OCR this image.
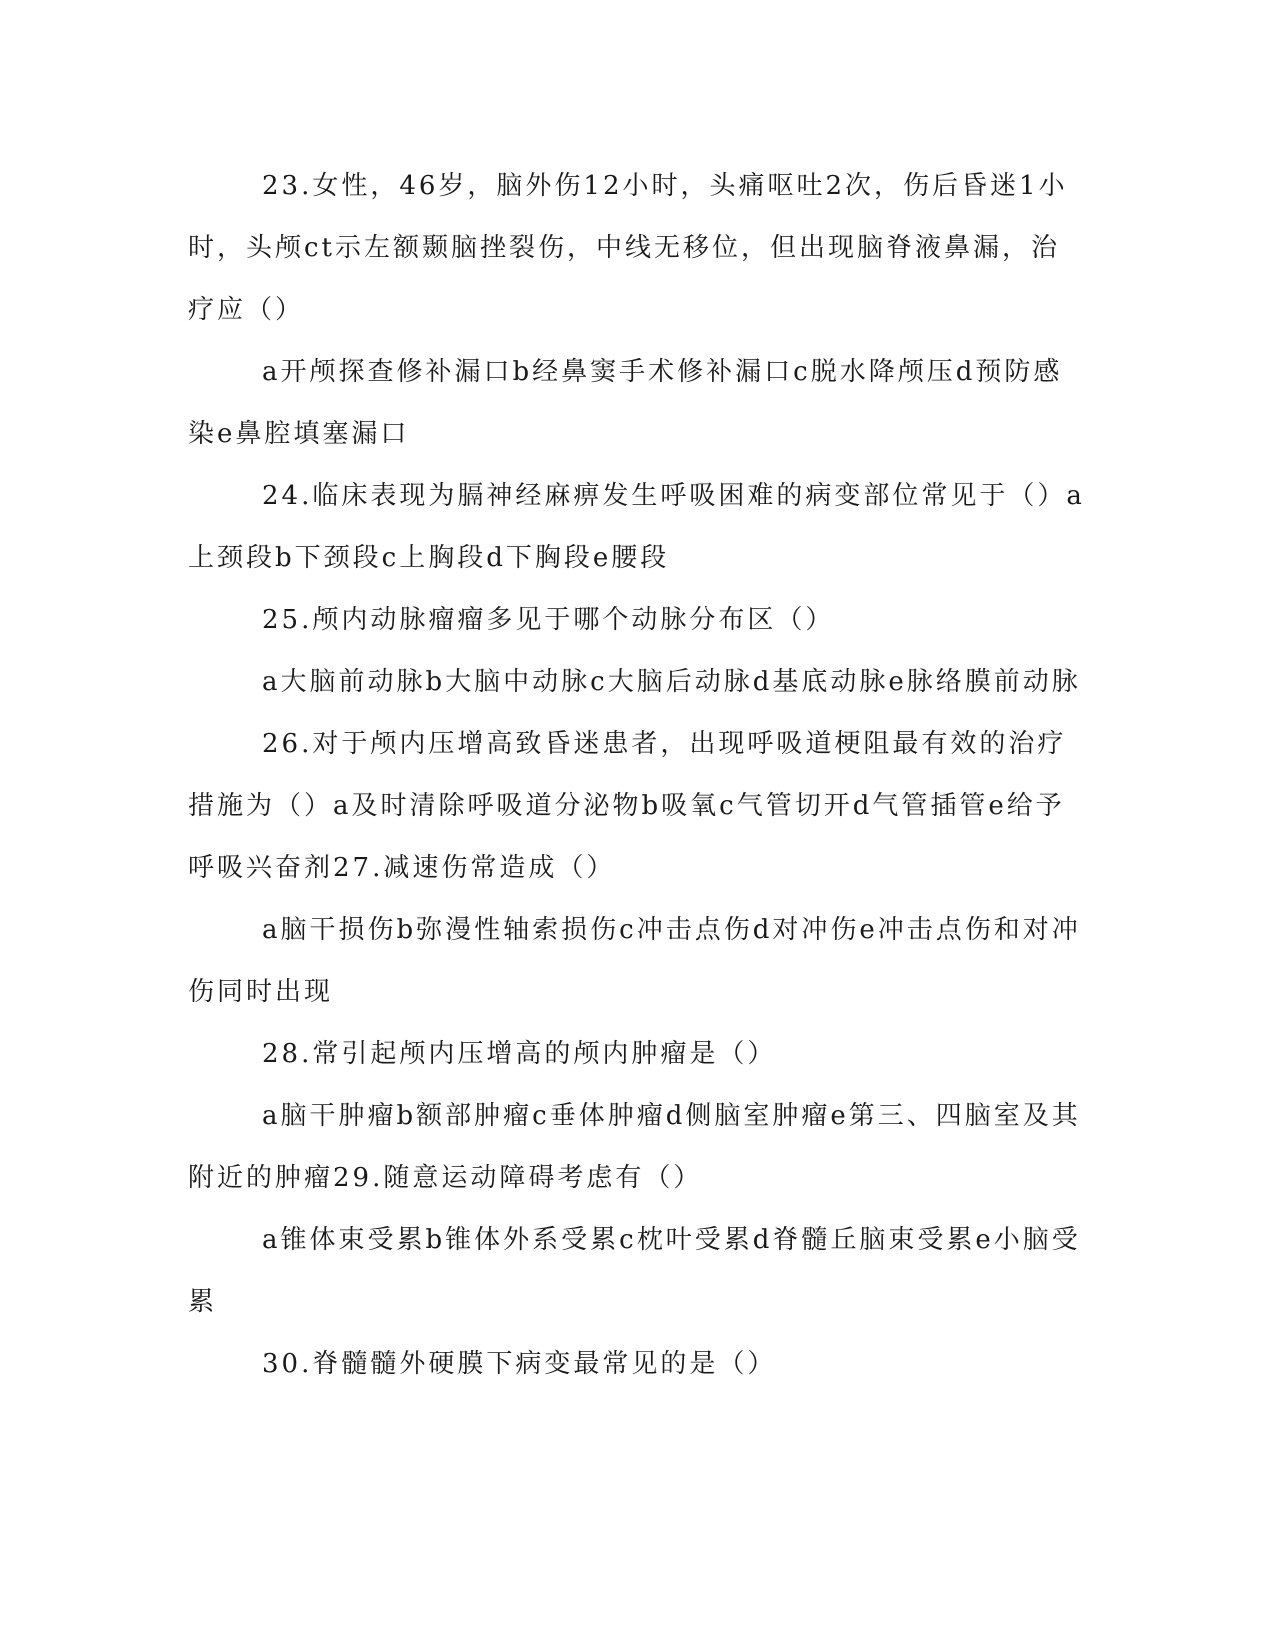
23.女性，46岁，脑外伤12小时，头痛呕吐2次，伤后昏迷1小时，头颅ct示左额颞脑挫裂伤，中线无移位，但出现脑脊液鼻漏，治疗应（）

a开颅探查修补漏口b经鼻窦手术修补漏口c脱水降颅压d预防感染e鼻腔填塞漏口

24.临床表现为膈神经麻痹发生呼吸困难的病变部位常见于（）a上颈段b下颈段c上胸段d下胸段e腰段

25.颅内动脉瘤瘤多见于哪个动脉分布区（）

a大脑前动脉b大脑中动脉c大脑后动脉d基底动脉e脉络膜前动脉

26.对于颅内压增高致昏迷患者，出现呼吸道梗阻最有效的治疗措施为（）a及时清除呼吸道分泌物b吸氧c气管切开d气管插管e给予呼吸兴奋剂27.减速伤常造成（）

a脑干损伤b弥漫性轴索损伤c冲击点伤d对冲伤e冲击点伤和对冲伤同时出现

28.常引起颅内压增高的颅内肿瘤是（）

a脑干肿瘤b额部肿瘤c垂体肿瘤d侧脑室肿瘤e第三、四脑室及其附近的肿瘤29.随意运动障碍考虑有（）

a锥体束受累b锥体外系受累c枕叶受累d脊髓丘脑束受累e小脑受累

30.脊髓髓外硬膜下病变最常见的是（）
